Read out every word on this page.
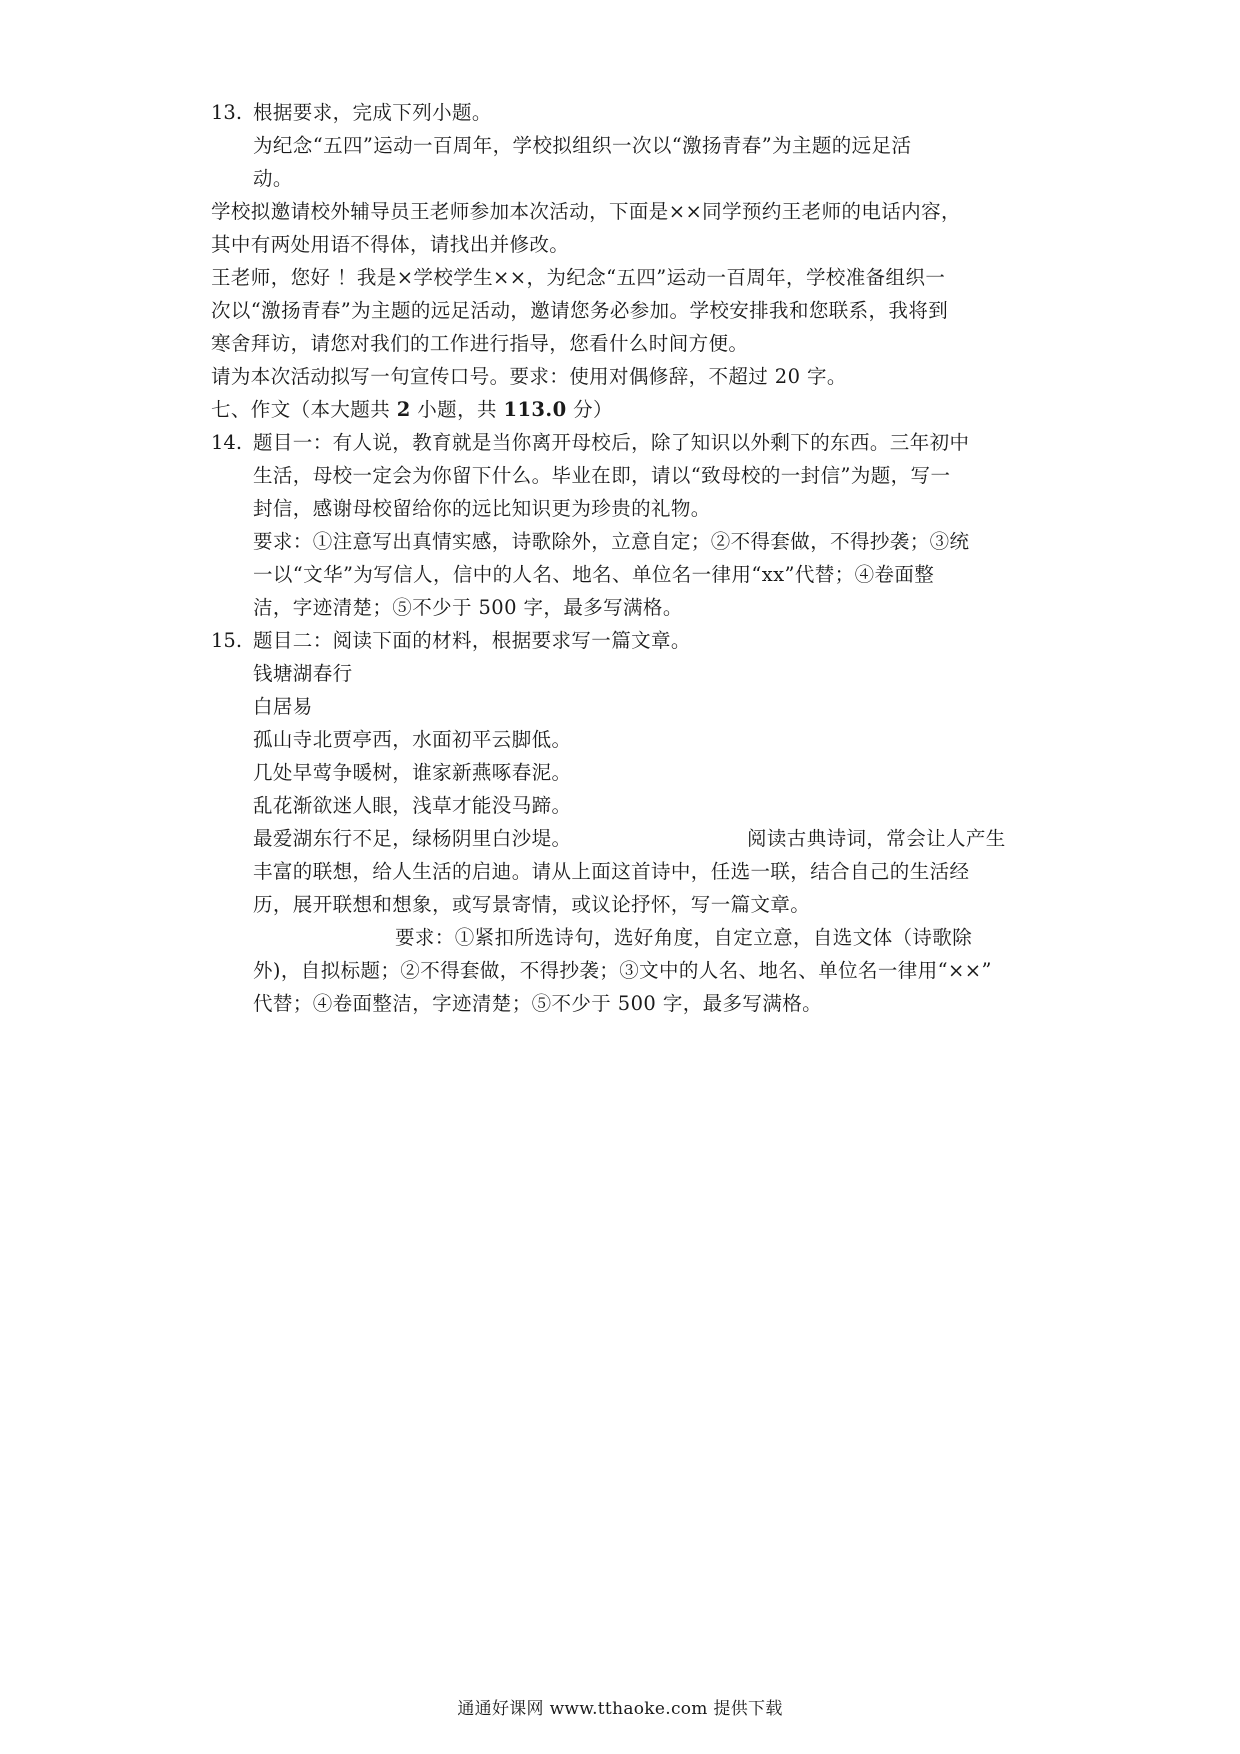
13. 根据要求，完成下列小题。
为纪念“五四”运动一百周年，学校拟组织一次以“激扬青春”为主题的远足活
动。
学校拟邀请校外辅导员王老师参加本次活动，下面是××同学预约王老师的电话内容，
其中有两处用语不得体，请找出并修改。
王老师，您好 ！我是×学校学生××，为纪念“五四”运动一百周年，学校准备组织一
次以“激扬青春”为主题的远足活动，邀请您务必参加。学校安排我和您联系，我将到
寒舍拜访，请您对我们的工作进行指导，您看什么时间方便。
请为本次活动拟写一句宣传口号。要求：使用对偶修辞，不超过 20 字。
七、作文（本大题共 2 小题，共 113.0 分）
14. 题目一：有人说，教育就是当你离开母校后，除了知识以外剩下的东西。三年初中
生活，母校一定会为你留下什么。毕业在即，请以“致母校的一封信”为题，写一
封信，感谢母校留给你的远比知识更为珍贵的礼物。
要求：①注意写出真情实感，诗歌除外，立意自定；②不得套做，不得抄袭；③统
一以“文华”为写信人，信中的人名、地名、单位名一律用“xx”代替；④卷面整
洁，字迹清楚；⑤不少于 500 字，最多写满格。
15. 题目二：阅读下面的材料，根据要求写一篇文章。
钱塘湖春行
白居易
孤山寺北贾亭西，水面初平云脚低。
几处早莺争暖树，谁家新燕啄春泥。
乱花渐欲迷人眼，浅草才能没马蹄。
最爱湖东行不足，绿杨阴里白沙堤。	阅读古典诗词，常会让人产生
丰富的联想，给人生活的启迪。请从上面这首诗中，任选一联，结合自己的生活经
历，展开联想和想象，或写景寄情，或议论抒怀，写一篇文章。
要求：①紧扣所选诗句，选好角度，自定立意，自选文体（诗歌除
外)，自拟标题；②不得套做，不得抄袭；③文中的人名、地名、单位名一律用“××”
代替；④卷面整洁，字迹清楚；⑤不少于 500 字，最多写满格。
通通好课网 www.tthaoke.com 提供下载
